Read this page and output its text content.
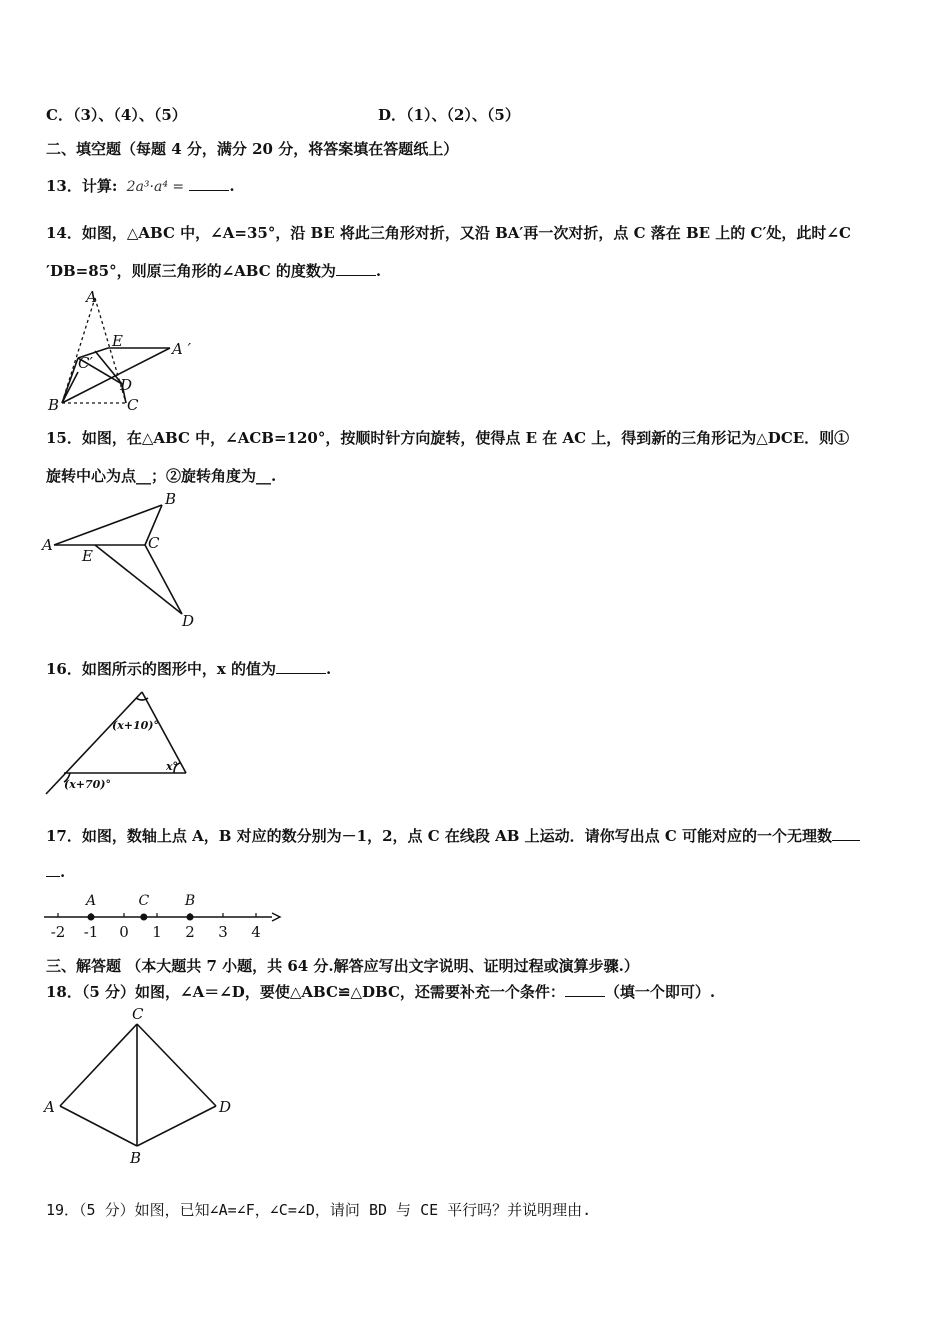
C．（3）、（4）、（5）	D．（1）、（2）、（5）
二、填空题（每题 4 分，满分 20 分，将答案填在答题纸上）
13．计算: 2a³·a⁴ =	.
14．如图，△ABC 中，∠A=35°，沿 BE 将此三角形对折，又沿 BA′再一次对折，点 C 落在 BE 上的 C′处，此时∠C
′DB=85°，则原三角形的∠ABC 的度数为	.
A
E	A ′
C′
D
B	C
15．如图，在△ABC 中，∠ACB=120°，按顺时针方向旋转，使得点 E 在 AC 上，得到新的三角形记为△DCE．则①
旋转中心为点__；②旋转角度为__.
A
B
C
E
D
16．如图所示的图形中，x 的值为	.
(x+10)°
x°
(x+70)°
17．如图，数轴上点 A，B 对应的数分别为－1，2，点 C 在线段 AB 上运动．请你写出点 C 可能对应的一个无理数
.
-2 -1 0 1 2 3 4
A	C	B
三、解答题 （本大题共 7 小题，共 64 分.解答应写出文字说明、证明过程或演算步骤.）
18．（5 分）如图，∠A＝∠D，要使△ABC≌△DBC，还需要补充一个条件：	（填一个即可）.
C
A	D
B
19．（5 分）如图，已知∠A=∠F，∠C=∠D，请问 BD 与 CE 平行吗？并说明理由.
